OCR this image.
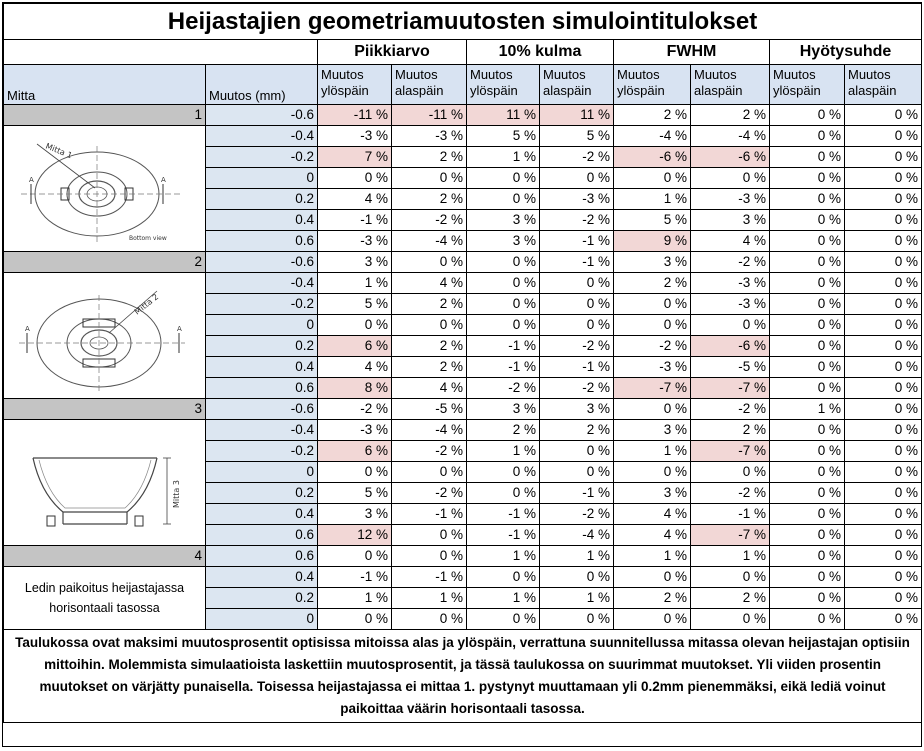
Heijastajien geometriamuutosten simulointitulokset									
		Piikkiarvo		10% kulma		FWHM		Hyötysuhde	
Mitta	Muutos (mm)	Muutos ylöspäin	Muutos alaspäin	Muutos ylöspäin	Muutos alaspäin	Muutos ylöspäin	Muutos alaspäin	Muutos ylöspäin	Muutos alaspäin
1	-0.6	-11 %	-11 %	11 %	11 %	2 %	2 %	0 %	0 %

A A
Mitta 1
Bottom view	-0.4	-3 %	-3 %	5 %	5 %	-4 %	-4 %	0 %	0 %
	-0.2	7 %	2 %	1 %	-2 %	-6 %	-6 %	0 %	0 %
	0	0 %	0 %	0 %	0 %	0 %	0 %	0 %	0 %
	0.2	4 %	2 %	0 %	-3 %	1 %	-3 %	0 %	0 %
	0.4	-1 %	-2 %	3 %	-2 %	5 %	3 %	0 %	0 %
	0.6	-3 %	-4 %	3 %	-1 %	9 %	4 %	0 %	0 %
2	-0.6	3 %	0 %	0 %	-1 %	3 %	-2 %	0 %	0 %

A A
Mitta 2	-0.4	1 %	4 %	0 %	0 %	2 %	-3 %	0 %	0 %
	-0.2	5 %	2 %	0 %	0 %	0 %	-3 %	0 %	0 %
	0	0 %	0 %	0 %	0 %	0 %	0 %	0 %	0 %
	0.2	6 %	2 %	-1 %	-2 %	-2 %	-6 %	0 %	0 %
	0.4	4 %	2 %	-1 %	-1 %	-3 %	-5 %	0 %	0 %
	0.6	8 %	4 %	-2 %	-2 %	-7 %	-7 %	0 %	0 %
3	-0.6	-2 %	-5 %	3 %	3 %	0 %	-2 %	1 %	0 %

Mitta 3	-0.4	-3 %	-4 %	2 %	2 %	3 %	2 %	0 %	0 %
	-0.2	6 %	-2 %	1 %	0 %	1 %	-7 %	0 %	0 %
	0	0 %	0 %	0 %	0 %	0 %	0 %	0 %	0 %
	0.2	5 %	-2 %	0 %	-1 %	3 %	-2 %	0 %	0 %
	0.4	3 %	-1 %	-1 %	-2 %	4 %	-1 %	0 %	0 %
	0.6	12 %	0 %	-1 %	-4 %	4 %	-7 %	0 %	0 %
4	0.6	0 %	0 %	1 %	1 %	1 %	1 %	0 %	0 %
Ledin paikoitus heijastajassa horisontaali tasossa	0.4	-1 %	-1 %	0 %	0 %	0 %	0 %	0 %	0 %
	0.2	1 %	1 %	1 %	1 %	2 %	2 %	0 %	0 %
	0	0 %	0 %	0 %	0 %	0 %	0 %	0 %	0 %
Taulukossa ovat maksimi muutosprosentit optisissa mitoissa alas ja ylöspäin, verrattuna suunnitellussa mitassa olevan heijastajan optisiin mittoihin. Molemmista simulaatioista laskettiin muutosprosentit, ja tässä taulukossa on suurimmat muutokset. Yli viiden prosentin muutokset on värjätty punaisella. Toisessa heijastajassa ei mittaa 1. pystynyt muuttamaan yli 0.2mm pienemmäksi, eikä lediä voinut paikoittaa väärin horisontaali tasossa.									
